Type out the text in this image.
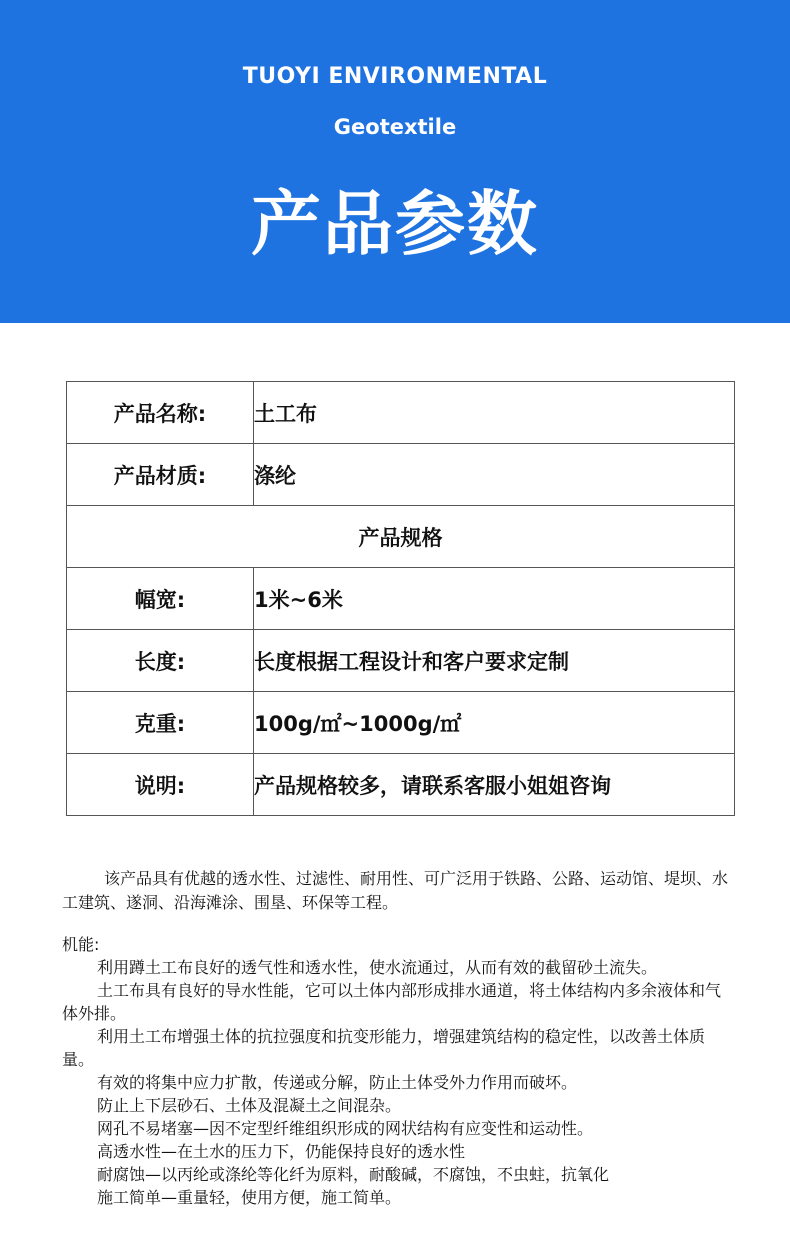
TUOYI ENVIRONMENTAL
Geotextile
产品参数
产品名称:	土工布
产品材质:	涤纶
产品规格	
幅宽:	1米~6米
长度:	长度根据工程设计和客户要求定制
克重:	100g/㎡~1000g/㎡
说明:	产品规格较多，请联系客服小姐姐咨询

该产品具有优越的透水性、过滤性、耐用性、可广泛用于铁路、公路、运动馆、堤坝、水工建筑、遂洞、沿海滩涂、围垦、环保等工程。

机能:

利用蹲土工布良好的透气性和透水性，使水流通过，从而有效的截留砂土流失。

土工布具有良好的导水性能，它可以土体内部形成排水通道，将土体结构内多余液体和气体外排。

利用土工布增强土体的抗拉强度和抗变形能力，增强建筑结构的稳定性，以改善土体质量。

有效的将集中应力扩散，传递或分解，防止土体受外力作用而破坏。

防止上下层砂石、土体及混凝土之间混杂。

网孔不易堵塞—因不定型纤维组织形成的网状结构有应变性和运动性。

高透水性—在土水的压力下，仍能保持良好的透水性

耐腐蚀—以丙纶或涤纶等化纤为原料，耐酸碱，不腐蚀，不虫蛀，抗氧化

施工简单—重量轻，使用方便，施工简单。
